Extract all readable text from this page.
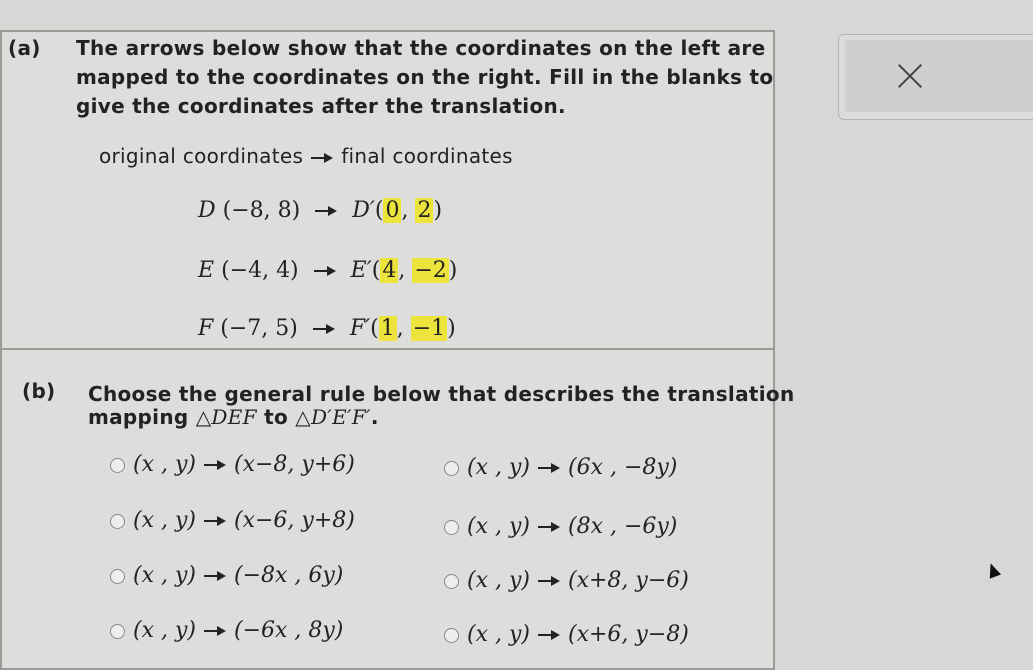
(a) The arrows below show that the coordinates on the left are
mapped to the coordinates on the right. Fill in the blanks to
give the coordinates after the translation.
original coordinates final coordinates
D (−8, 8) D′(0, 2)
E (−4, 4) E′(4, −2)
F (−7, 5) F′(1, −1)
(b) Choose the general rule below that describes the translation
mapping △DEF to △D′E′F′.
(x , y) (x−8, y+6)
(x , y) (x−6, y+8)
(x , y) (−8x , 6y)
(x , y) (−6x , 8y)
(x , y) (6x , −8y)
(x , y) (8x , −6y)
(x , y) (x+8, y−6)
(x , y) (x+6, y−8)
